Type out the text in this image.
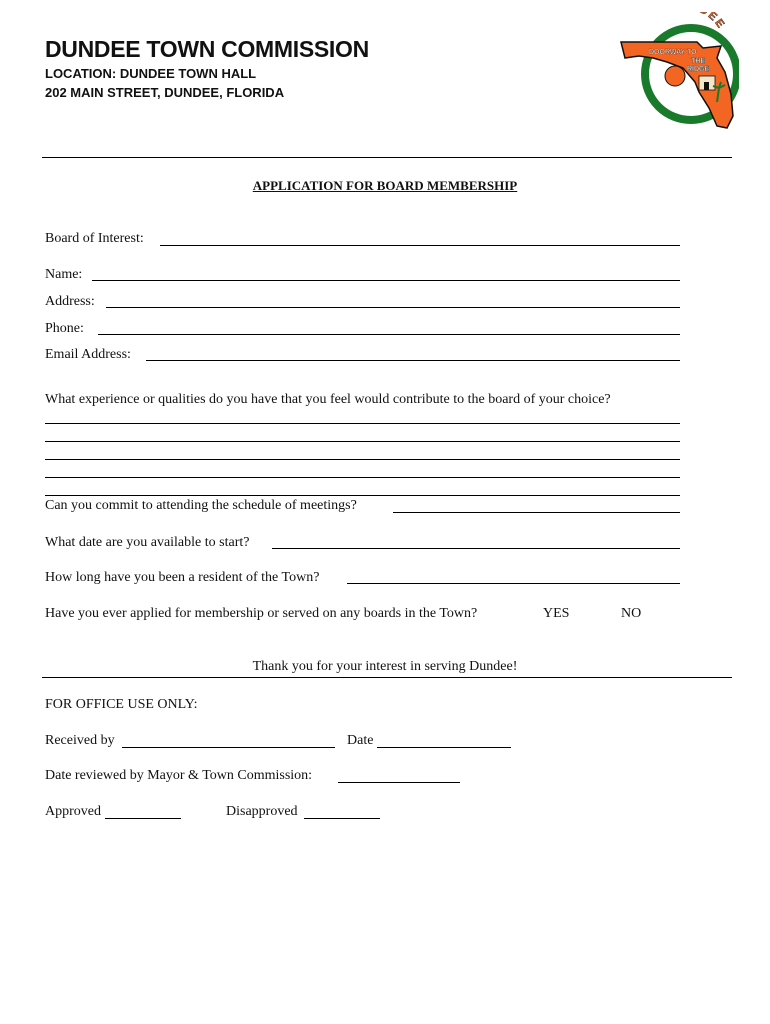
DUNDEE TOWN COMMISSION
LOCATION: DUNDEE TOWN HALL
202 MAIN STREET, DUNDEE, FLORIDA
EE
DOORWAY TO
THE
RIDGE
APPLICATION FOR BOARD MEMBERSHIP
Board of Interest:
Name:
Address:
Phone:
Email Address:
What experience or qualities do you have that you feel would contribute to the board of your choice?
Can you commit to attending the schedule of meetings?
What date are you available to start?
How long have you been a resident of the Town?
Have you ever applied for membership or served on any boards in the Town?	YES	NO
Thank you for your interest in serving Dundee!
FOR OFFICE USE ONLY:
Received by	Date
Date reviewed by Mayor & Town Commission:
Approved	Disapproved
